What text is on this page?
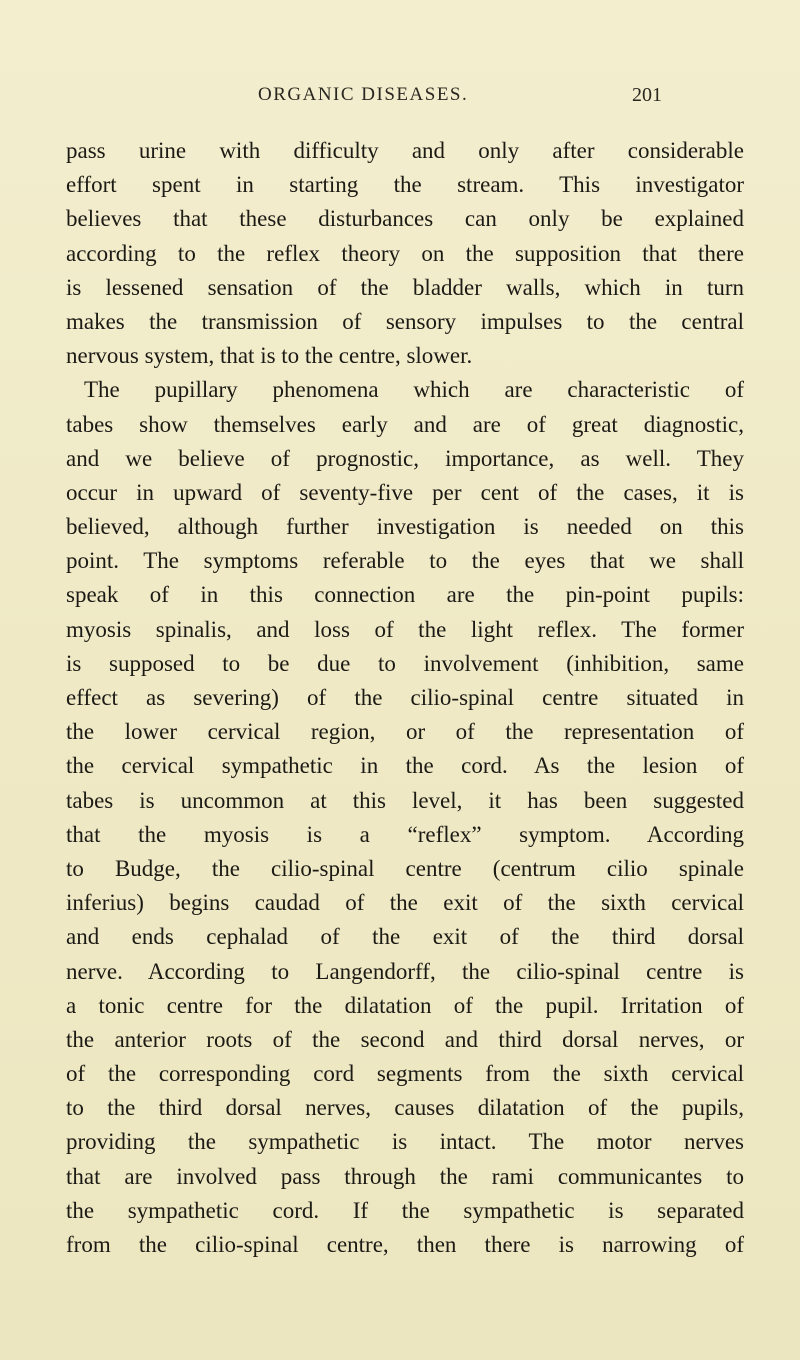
ORGANIC DISEASES.	201
pass urine with difficulty and only after considerable
effort spent in starting the stream. This investigator
believes that these disturbances can only be explained
according to the reflex theory on the supposition that there
is lessened sensation of the bladder walls, which in turn
makes the transmission of sensory impulses to the central
nervous system, that is to the centre, slower.
The pupillary phenomena which are characteristic of
tabes show themselves early and are of great diagnostic,
and we believe of prognostic, importance, as well. They
occur in upward of seventy-five per cent of the cases, it is
believed, although further investigation is needed on this
point. The symptoms referable to the eyes that we shall
speak of in this connection are the pin-point pupils:
myosis spinalis, and loss of the light reflex. The former
is supposed to be due to involvement (inhibition, same
effect as severing) of the cilio-spinal centre situated in
the lower cervical region, or of the representation of
the cervical sympathetic in the cord. As the lesion of
tabes is uncommon at this level, it has been suggested
that the myosis is a “reflex” symptom. According
to Budge, the cilio-spinal centre (centrum cilio spinale
inferius) begins caudad of the exit of the sixth cervical
and ends cephalad of the exit of the third dorsal
nerve. According to Langendorff, the cilio-spinal centre is
a tonic centre for the dilatation of the pupil. Irritation of
the anterior roots of the second and third dorsal nerves, or
of the corresponding cord segments from the sixth cervical
to the third dorsal nerves, causes dilatation of the pupils,
providing the sympathetic is intact. The motor nerves
that are involved pass through the rami communicantes to
the sympathetic cord. If the sympathetic is separated
from the cilio-spinal centre, then there is narrowing of
